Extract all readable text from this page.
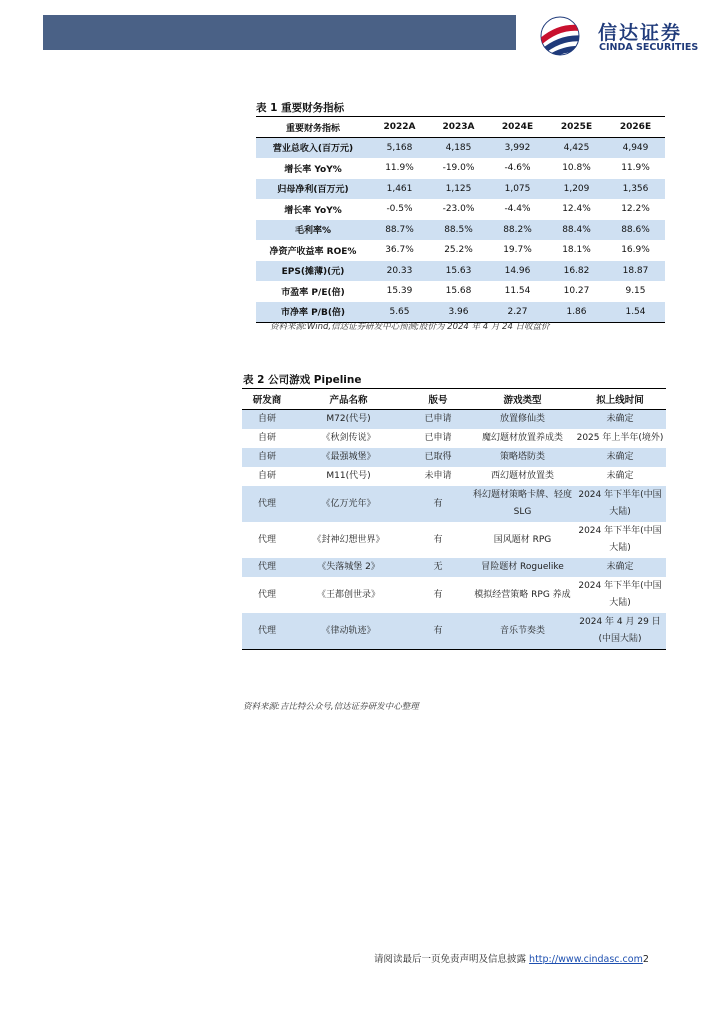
信达证券
CINDA SECURITIES
表 1 重要财务指标
重要财务指标	2022A	2023A	2024E	2025E	2026E
营业总收入(百万元)	5,168	4,185	3,992	4,425	4,949
增长率 YoY%	11.9%	-19.0%	-4.6%	10.8%	11.9%
归母净利(百万元)	1,461	1,125	1,075	1,209	1,356
增长率 YoY%	-0.5%	-23.0%	-4.4%	12.4%	12.2%
毛利率%	88.7%	88.5%	88.2%	88.4%	88.6%
净资产收益率 ROE%	36.7%	25.2%	19.7%	18.1%	16.9%
EPS(摊薄)(元)	20.33	15.63	14.96	16.82	18.87
市盈率 P/E(倍)	15.39	15.68	11.54	10.27	9.15
市净率 P/B(倍)	5.65	3.96	2.27	1.86	1.54
资料来源:Wind,信达证券研发中心预测;股价为 2024 年 4 月 24 日收盘价
表 2 公司游戏 Pipeline
研发商	产品名称	版号	游戏类型	拟上线时间
自研	M72(代号)	已申请	放置修仙类	未确定
自研	《秋剑传说》	已申请	魔幻题材放置养成类	2025 年上半年(境外)
自研	《最强城堡》	已取得	策略塔防类	未确定
自研	M11(代号)	未申请	西幻题材放置类	未确定
代理	《亿万光年》	有	科幻题材策略卡牌、轻度 SLG	2024 年下半年(中国大陆)
代理	《封神幻想世界》	有	国风题材 RPG	2024 年下半年(中国大陆)
代理	《失落城堡 2》	无	冒险题材 Roguelike	未确定
代理	《王都创世录》	有	模拟经营策略 RPG 养成	2024 年下半年(中国大陆)
代理	《律动轨迹》	有	音乐节奏类	2024 年 4 月 29 日(中国大陆)
资料来源:吉比特公众号,信达证券研发中心整理
请阅读最后一页免责声明及信息披露 http://www.cindasc.com2
